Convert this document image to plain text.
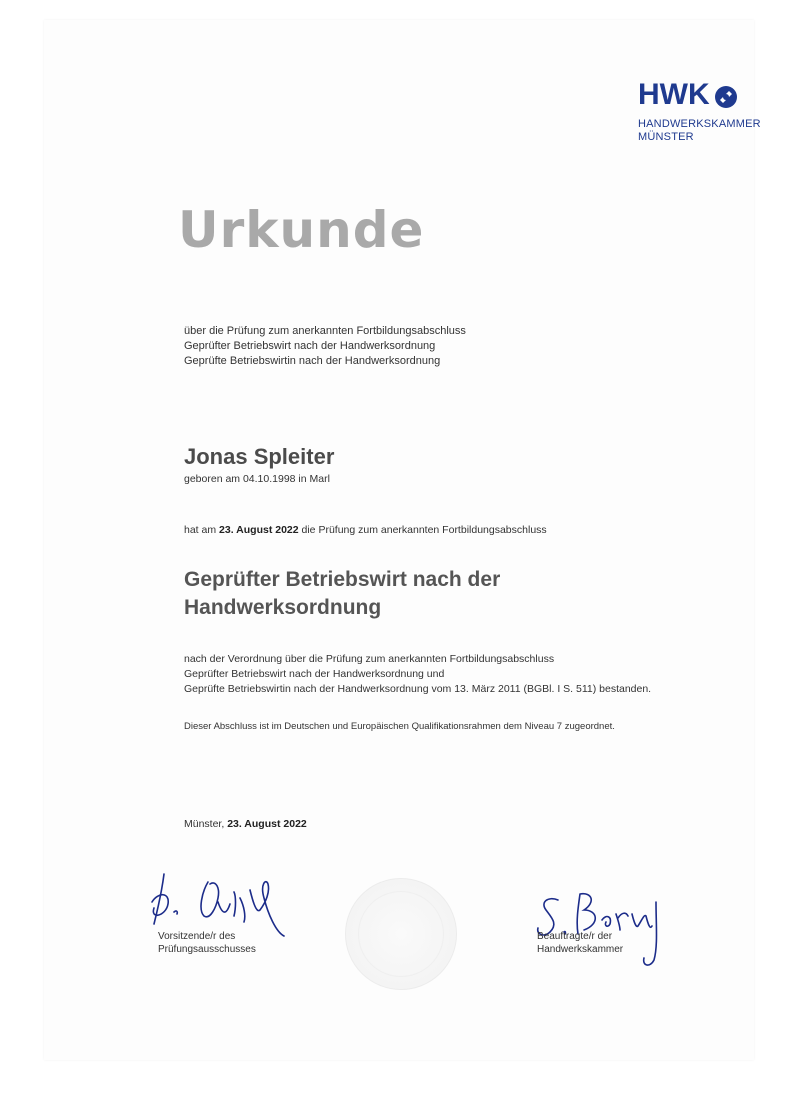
HWK
HANDWERKSKAMMER
MÜNSTER
Urkunde
über die Prüfung zum anerkannten Fortbildungsabschluss
Geprüfter Betriebswirt nach der Handwerksordnung
Geprüfte Betriebswirtin nach der Handwerksordnung
Jonas Spleiter
geboren am 04.10.1998 in Marl
hat am 23. August 2022 die Prüfung zum anerkannten Fortbildungsabschluss
Geprüfter Betriebswirt nach der
Handwerksordnung
nach der Verordnung über die Prüfung zum anerkannten Fortbildungsabschluss
Geprüfter Betriebswirt nach der Handwerksordnung und
Geprüfte Betriebswirtin nach der Handwerksordnung vom 13. März 2011 (BGBl. I S. 511) bestanden.
Dieser Abschluss ist im Deutschen und Europäischen Qualifikationsrahmen dem Niveau 7 zugeordnet.
Münster, 23. August 2022
Vorsitzende/r des
Prüfungsausschusses
Beauftragte/r der
Handwerkskammer
